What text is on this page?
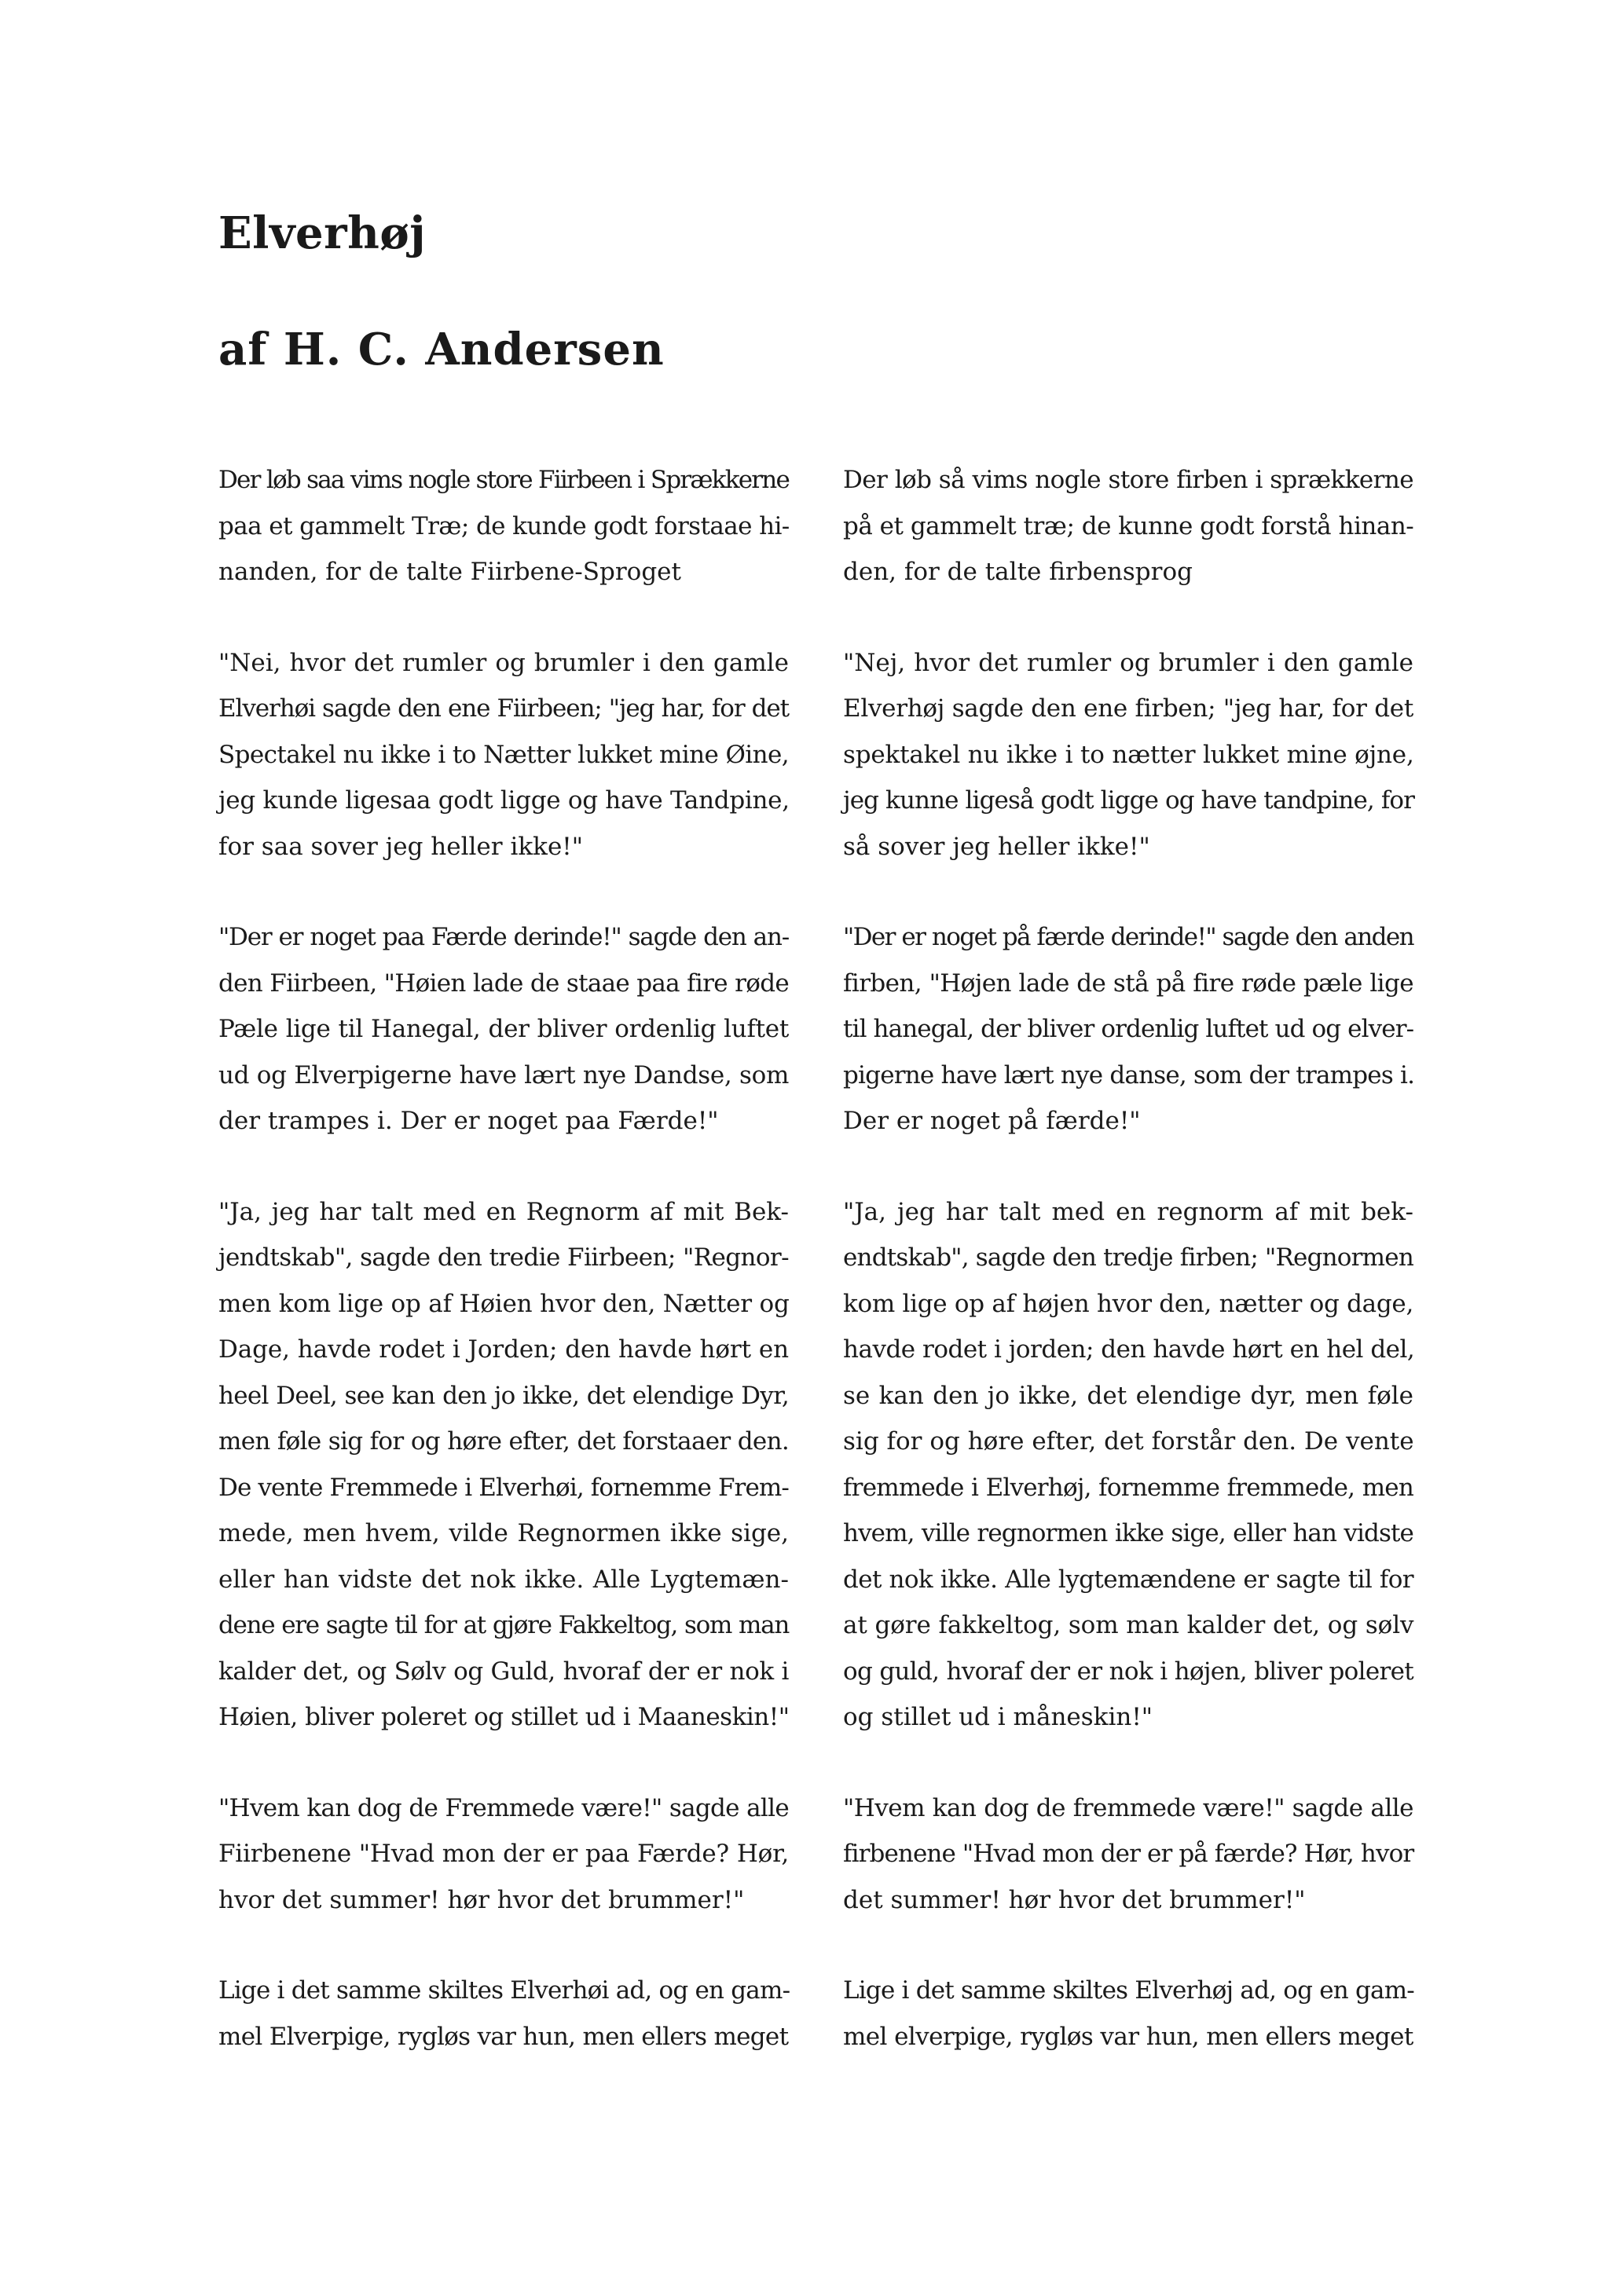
Elverhøj
af H. C. Andersen

Der løb saa vims nogle store Fiirbeen i Sprækkerne
paa et gammelt Træ; de kunde godt forstaae hi-
nanden, for de talte Fiirbene-Sproget

"Nei, hvor det rumler og brumler i den gamle
Elverhøi sagde den ene Fiirbeen; "jeg har, for det
Spectakel nu ikke i to Nætter lukket mine Øine,
jeg kunde ligesaa godt ligge og have Tandpine,
for saa sover jeg heller ikke!"

"Der er noget paa Færde derinde!" sagde den an-
den Fiirbeen, "Høien lade de staae paa fire røde
Pæle lige til Hanegal, der bliver ordenlig luftet
ud og Elverpigerne have lært nye Dandse, som
der trampes i. Der er noget paa Færde!"

"Ja, jeg har talt med en Regnorm af mit Bek-
jendtskab", sagde den tredie Fiirbeen; "Regnor-
men kom lige op af Høien hvor den, Nætter og
Dage, havde rodet i Jorden; den havde hørt en
heel Deel, see kan den jo ikke, det elendige Dyr,
men føle sig for og høre efter, det forstaaer den.
De vente Fremmede i Elverhøi, fornemme Frem-
mede, men hvem, vilde Regnormen ikke sige,
eller han vidste det nok ikke. Alle Lygtemæn-
dene ere sagte til for at gjøre Fakkeltog, som man
kalder det, og Sølv og Guld, hvoraf der er nok i
Høien, bliver poleret og stillet ud i Maaneskin!"

"Hvem kan dog de Fremmede være!" sagde alle
Fiirbenene "Hvad mon der er paa Færde? Hør,
hvor det summer! hør hvor det brummer!"

Lige i det samme skiltes Elverhøi ad, og en gam-
mel Elverpige, rygløs var hun, men ellers meget

Der løb så vims nogle store firben i sprækkerne
på et gammelt træ; de kunne godt forstå hinan-
den, for de talte firbensprog

"Nej, hvor det rumler og brumler i den gamle
Elverhøj sagde den ene firben; "jeg har, for det
spektakel nu ikke i to nætter lukket mine øjne,
jeg kunne ligeså godt ligge og have tandpine, for
så sover jeg heller ikke!"

"Der er noget på færde derinde!" sagde den anden
firben, "Højen lade de stå på fire røde pæle lige
til hanegal, der bliver ordenlig luftet ud og elver-
pigerne have lært nye danse, som der trampes i.
Der er noget på færde!"

"Ja, jeg har talt med en regnorm af mit bek-
endtskab", sagde den tredje firben; "Regnormen
kom lige op af højen hvor den, nætter og dage,
havde rodet i jorden; den havde hørt en hel del,
se kan den jo ikke, det elendige dyr, men føle
sig for og høre efter, det forstår den. De vente
fremmede i Elverhøj, fornemme fremmede, men
hvem, ville regnormen ikke sige, eller han vidste
det nok ikke. Alle lygtemændene er sagte til for
at gøre fakkeltog, som man kalder det, og sølv
og guld, hvoraf der er nok i højen, bliver poleret
og stillet ud i måneskin!"

"Hvem kan dog de fremmede være!" sagde alle
firbenene "Hvad mon der er på færde? Hør, hvor
det summer! hør hvor det brummer!"

Lige i det samme skiltes Elverhøj ad, og en gam-
mel elverpige, rygløs var hun, men ellers meget
